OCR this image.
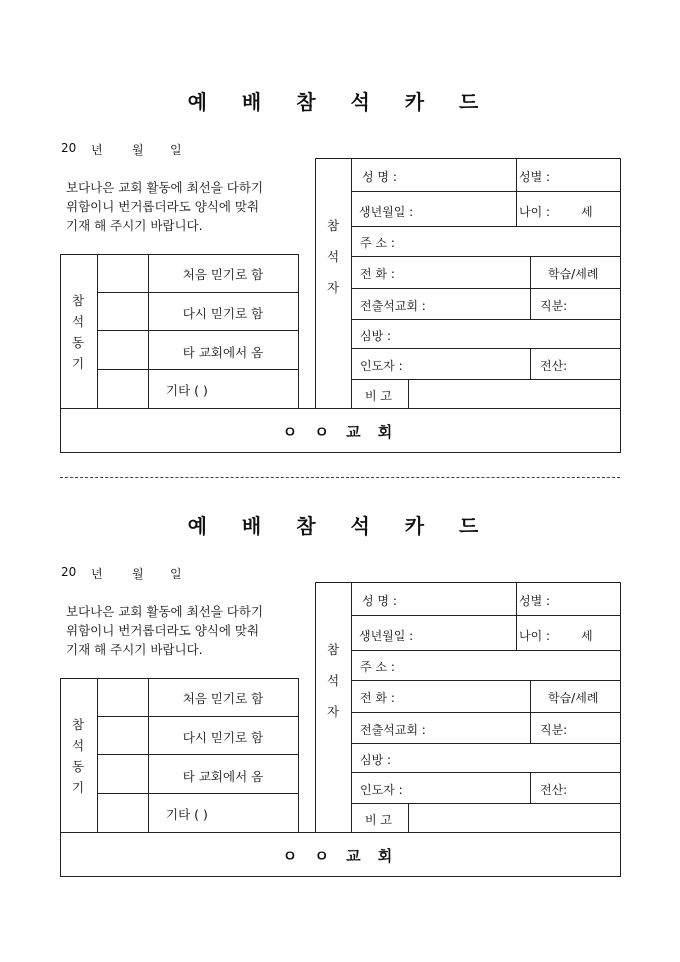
예 배 참 석 카 드
20 년 월 일
보다나은 교회 활동에 최선을 다하기
위함이니 번거롭더라도 양식에 맞춰
기재 해 주시기 바랍니다.
참
석
동
기
처음 믿기로 함
다시 믿기로 함
타 교회에서 옴
기타 ( )
참
석
자
성 명 :	성별 :
생년월일 :	나이 :	세
주 소 :
전 화 :	학습/세례
전출석교회 :	직분:
심방 :
인도자 :	전산:
비 고
ㅇ ㅇ 교 회
예 배 참 석 카 드
20 년 월 일
보다나은 교회 활동에 최선을 다하기
위함이니 번거롭더라도 양식에 맞춰
기재 해 주시기 바랍니다.
참
석
동
기
처음 믿기로 함
다시 믿기로 함
타 교회에서 옴
기타 ( )
참
석
자
성 명 :	성별 :
생년월일 :	나이 :	세
주 소 :
전 화 :	학습/세례
전출석교회 :	직분:
심방 :
인도자 :	전산:
비 고
ㅇ ㅇ 교 회
